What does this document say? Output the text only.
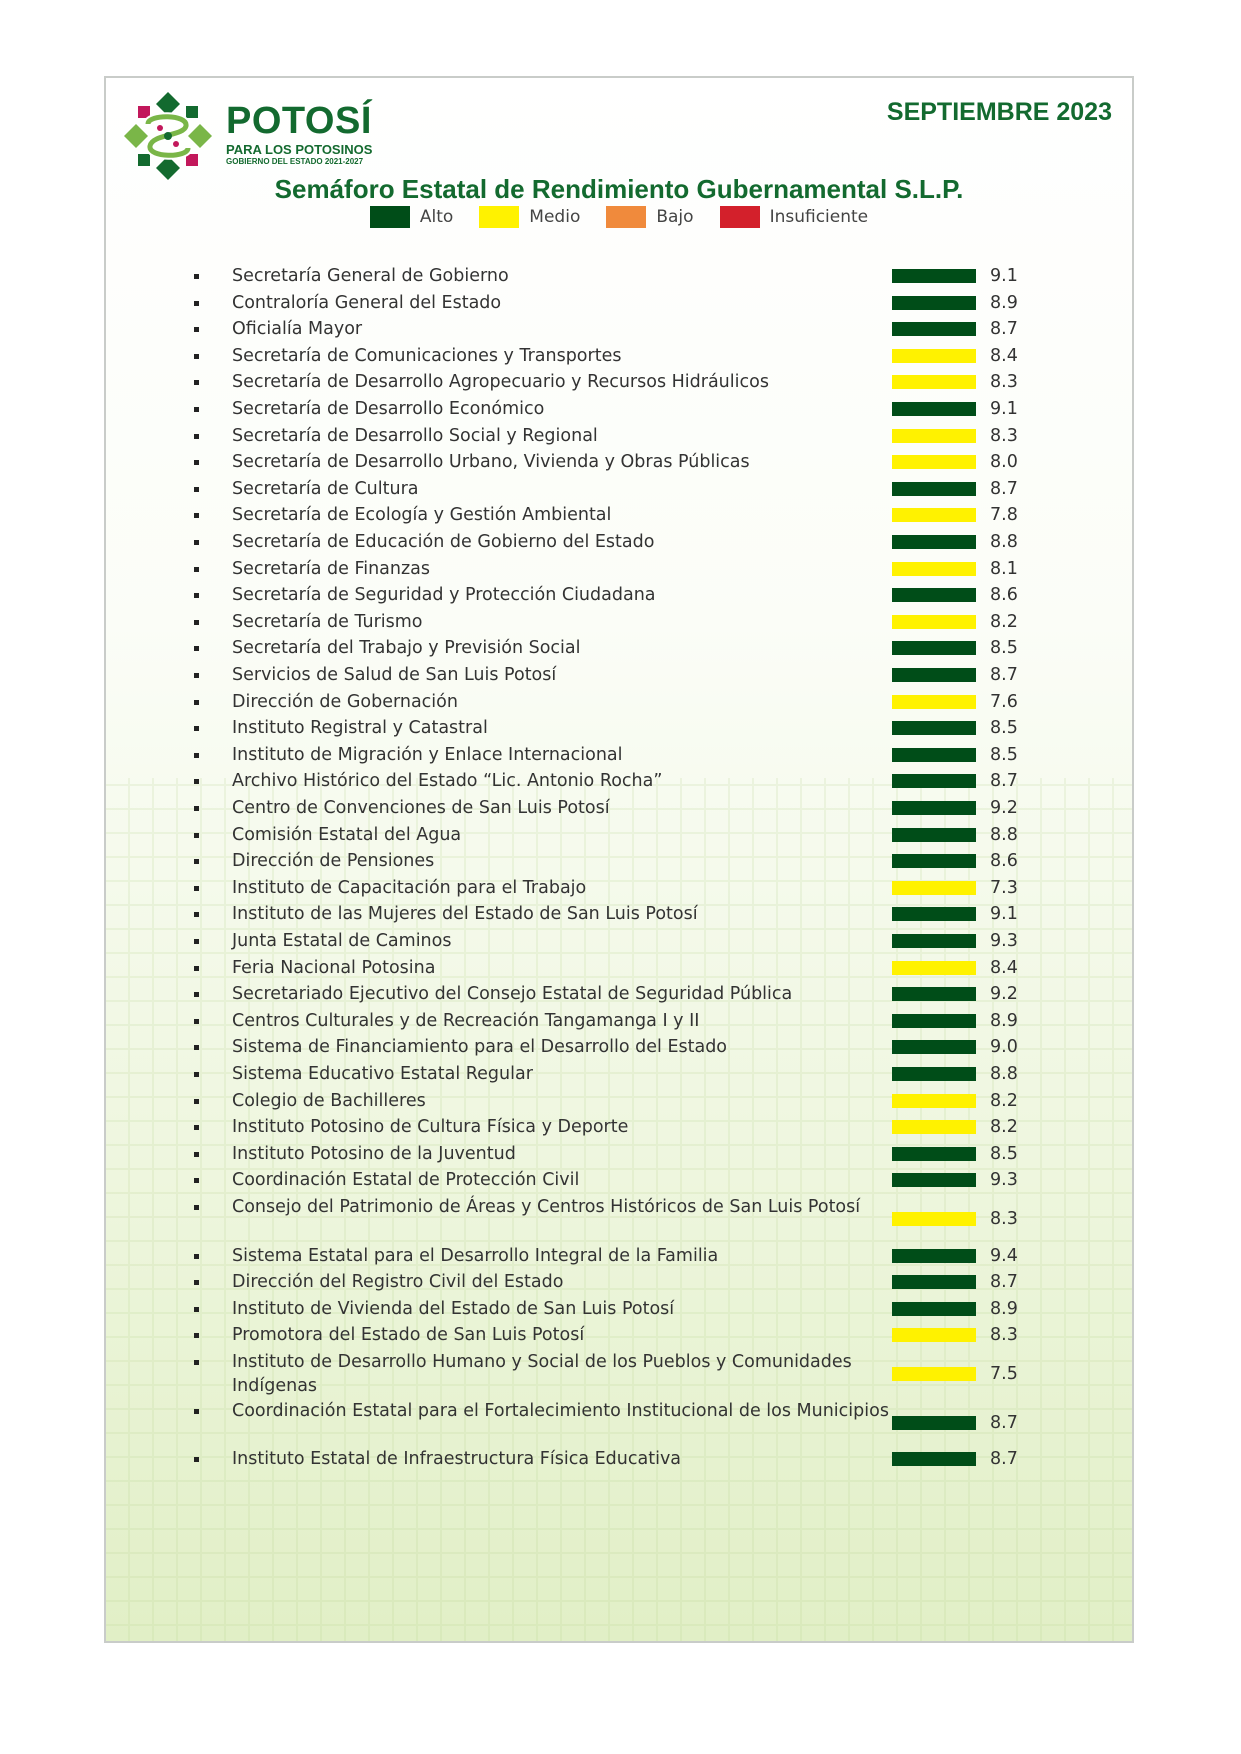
POTOSÍ
PARA LOS POTOSINOS
GOBIERNO DEL ESTADO 2021-2027
SEPTIEMBRE 2023
Semáforo Estatal de Rendimiento Gubernamental S.L.P.
Alto	Medio	Bajo	Insuficiente
Secretaría General de Gobierno	9.1
Contraloría General del Estado	8.9
Oficialía Mayor	8.7
Secretaría de Comunicaciones y Transportes	8.4
Secretaría de Desarrollo Agropecuario y Recursos Hidráulicos	8.3
Secretaría de Desarrollo Económico	9.1
Secretaría de Desarrollo Social y Regional	8.3
Secretaría de Desarrollo Urbano, Vivienda y Obras Públicas	8.0
Secretaría de Cultura	8.7
Secretaría de Ecología y Gestión Ambiental	7.8
Secretaría de Educación de Gobierno del Estado	8.8
Secretaría de Finanzas	8.1
Secretaría de Seguridad y Protección Ciudadana	8.6
Secretaría de Turismo	8.2
Secretaría del Trabajo y Previsión Social	8.5
Servicios de Salud de San Luis Potosí	8.7
Dirección de Gobernación	7.6
Instituto Registral y Catastral	8.5
Instituto de Migración y Enlace Internacional	8.5
Archivo Histórico del Estado “Lic. Antonio Rocha”	8.7
Centro de Convenciones de San Luis Potosí	9.2
Comisión Estatal del Agua	8.8
Dirección de Pensiones	8.6
Instituto de Capacitación para el Trabajo	7.3
Instituto de las Mujeres del Estado de San Luis Potosí	9.1
Junta Estatal de Caminos	9.3
Feria Nacional Potosina	8.4
Secretariado Ejecutivo del Consejo Estatal de Seguridad Pública	9.2
Centros Culturales y de Recreación Tangamanga I y II	8.9
Sistema de Financiamiento para el Desarrollo del Estado	9.0
Sistema Educativo Estatal Regular	8.8
Colegio de Bachilleres	8.2
Instituto Potosino de Cultura Física y Deporte	8.2
Instituto Potosino de la Juventud	8.5
Coordinación Estatal de Protección Civil	9.3
Consejo del Patrimonio de Áreas y Centros Históricos de San Luis Potosí
8.3
Sistema Estatal para el Desarrollo Integral de la Familia	9.4
Dirección del Registro Civil del Estado	8.7
Instituto de Vivienda del Estado de San Luis Potosí	8.9
Promotora del Estado de San Luis Potosí	8.3
Instituto de Desarrollo Humano y Social de los Pueblos y Comunidades Indígenas
7.5
Coordinación Estatal para el Fortalecimiento Institucional de los Municipios
8.7
Instituto Estatal de Infraestructura Física Educativa	8.7
